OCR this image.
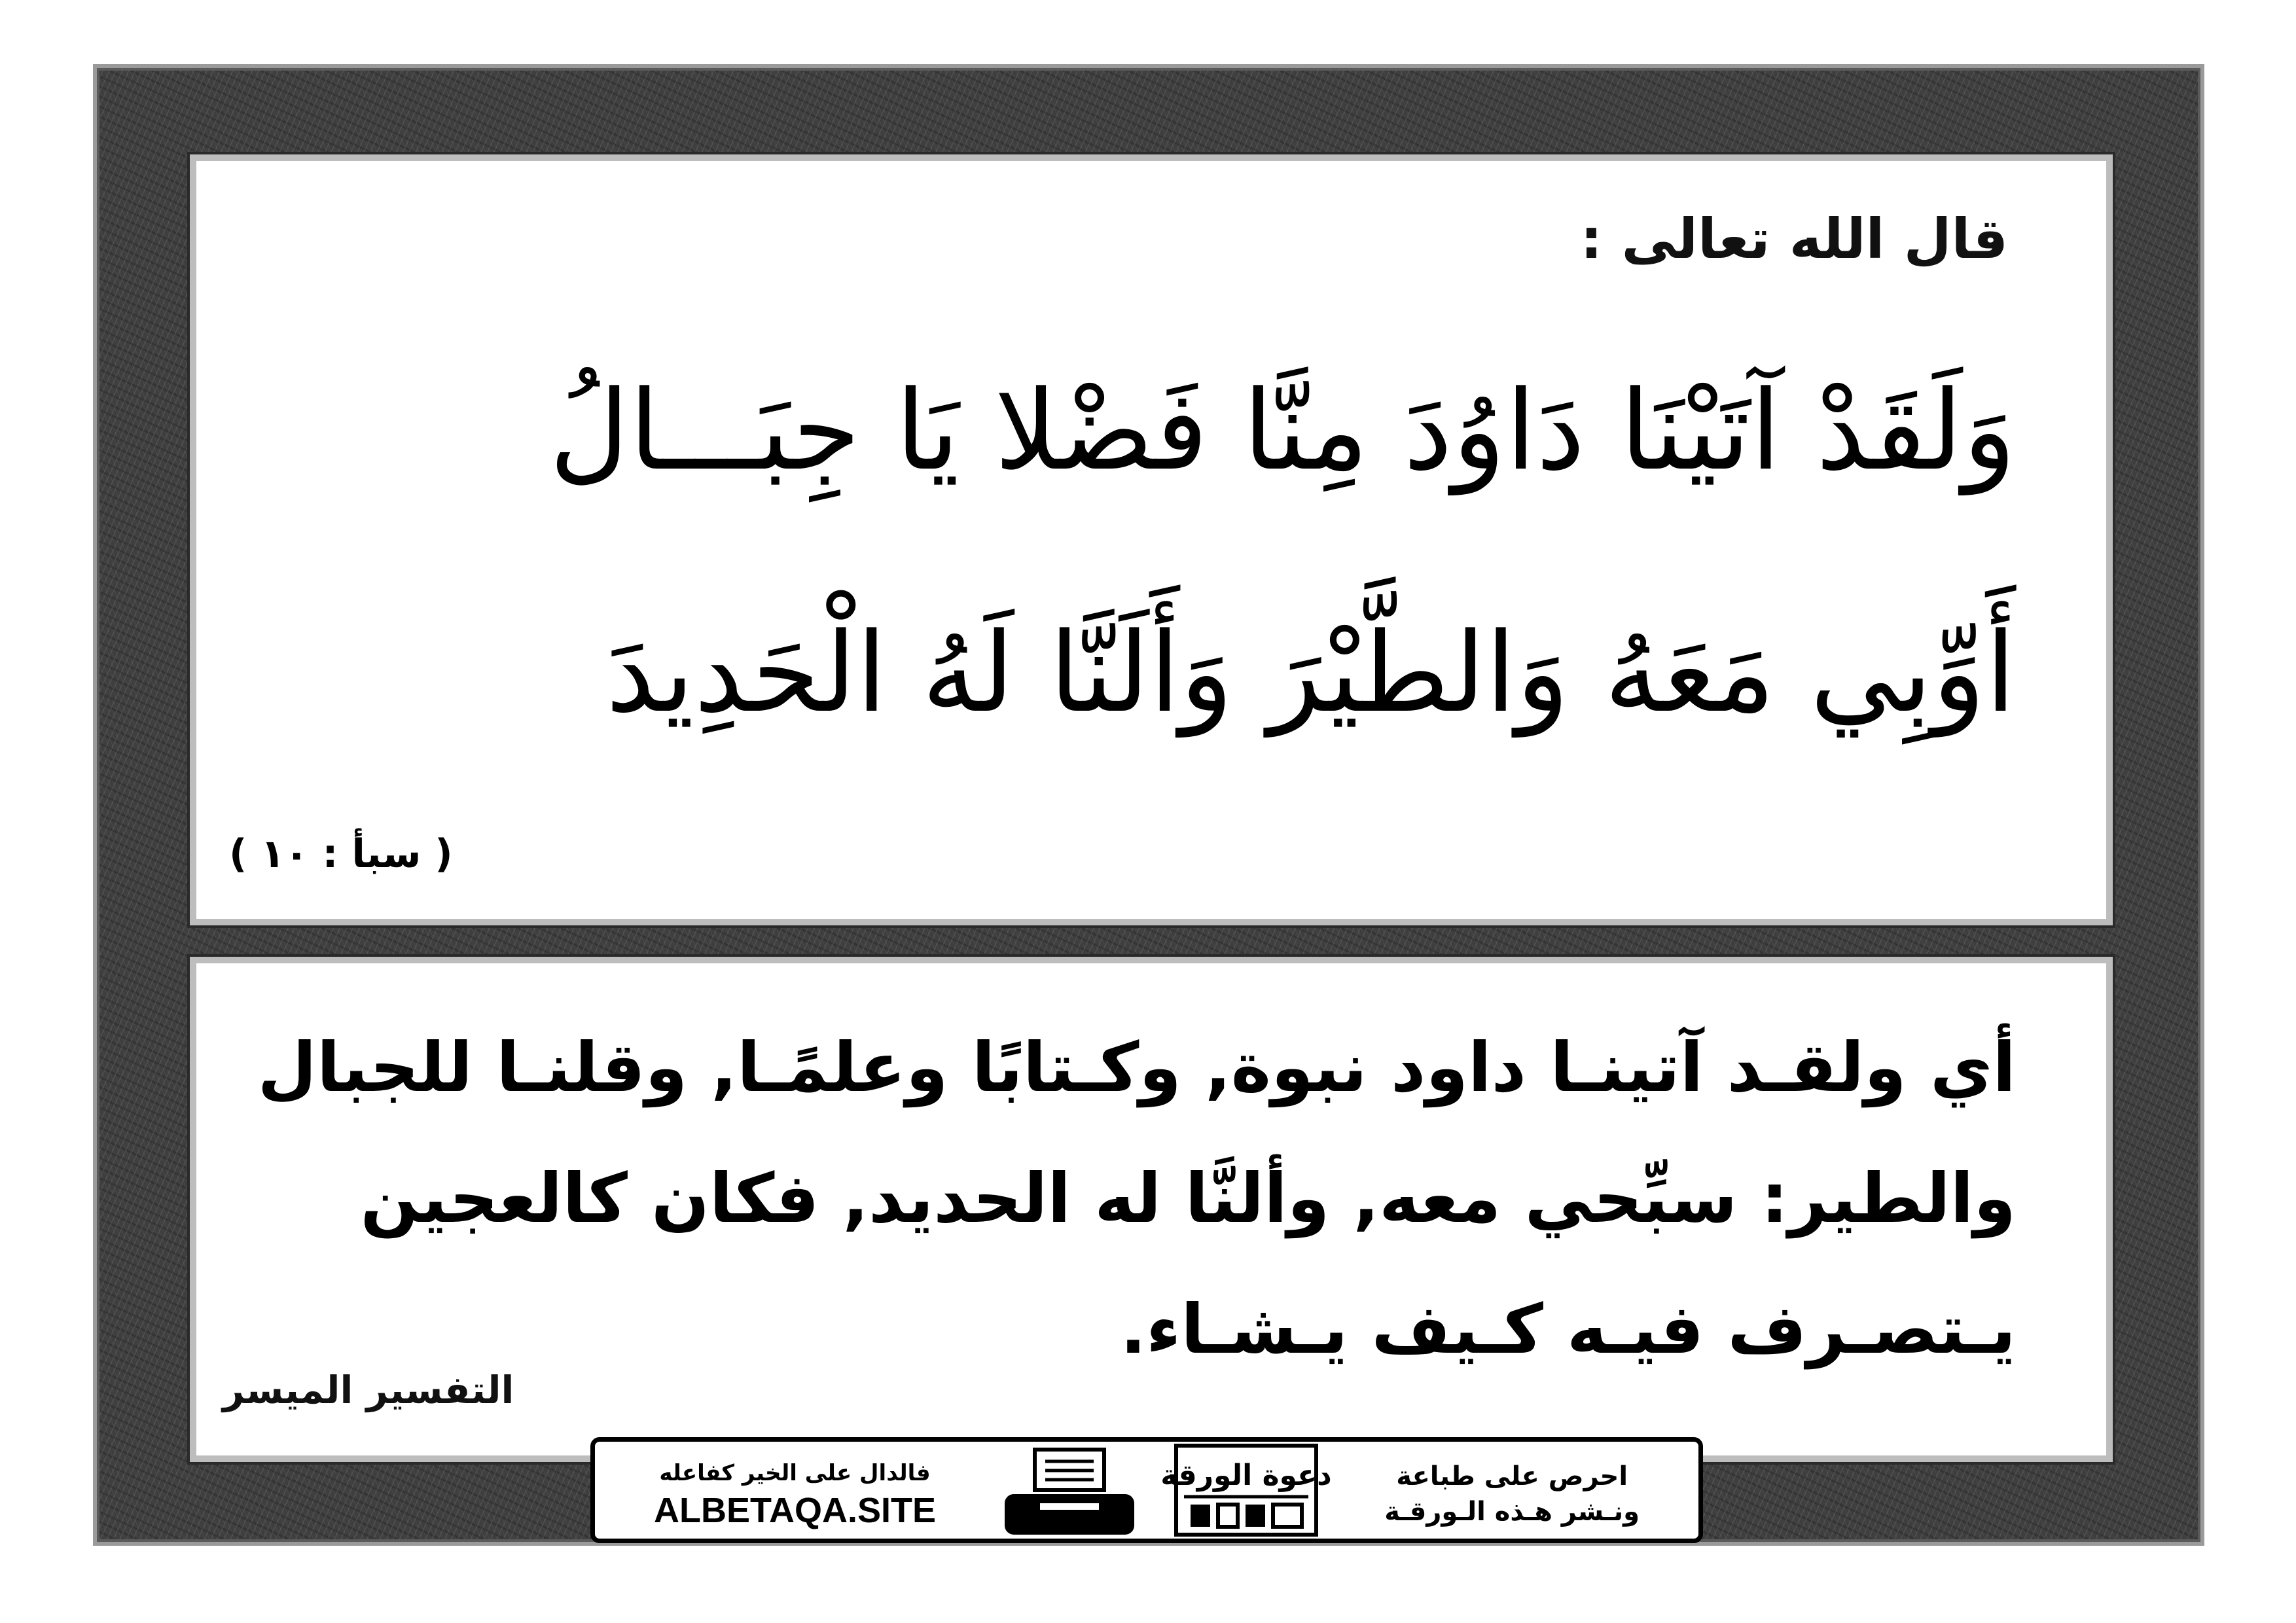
قال الله تعالى :
وَلَقَدْ آتَيْنَا دَاوُدَ مِنَّا فَضْلا يَا جِبَـــالُ
أَوِّبِي مَعَهُ وَالطَّيْرَ وَأَلَنَّا لَهُ الْحَدِيدَ
( سبأ : ١٠ )
أي ولقـد آتينـا داود نبوة, وكـتابًا وعلمًـا, وقلنـا للجبال
والطير: سبِّحي معه, وألنَّا له الحديد, فكان كالعجين
يـتصـرف فيـه كـيف يـشـاء.
التفسير الميسر
احرص على طباعة
ونـشر هـذه الـورقـة
دعوة الورقة
فالدال على الخير كفاعله
ALBETAQA.SITE
